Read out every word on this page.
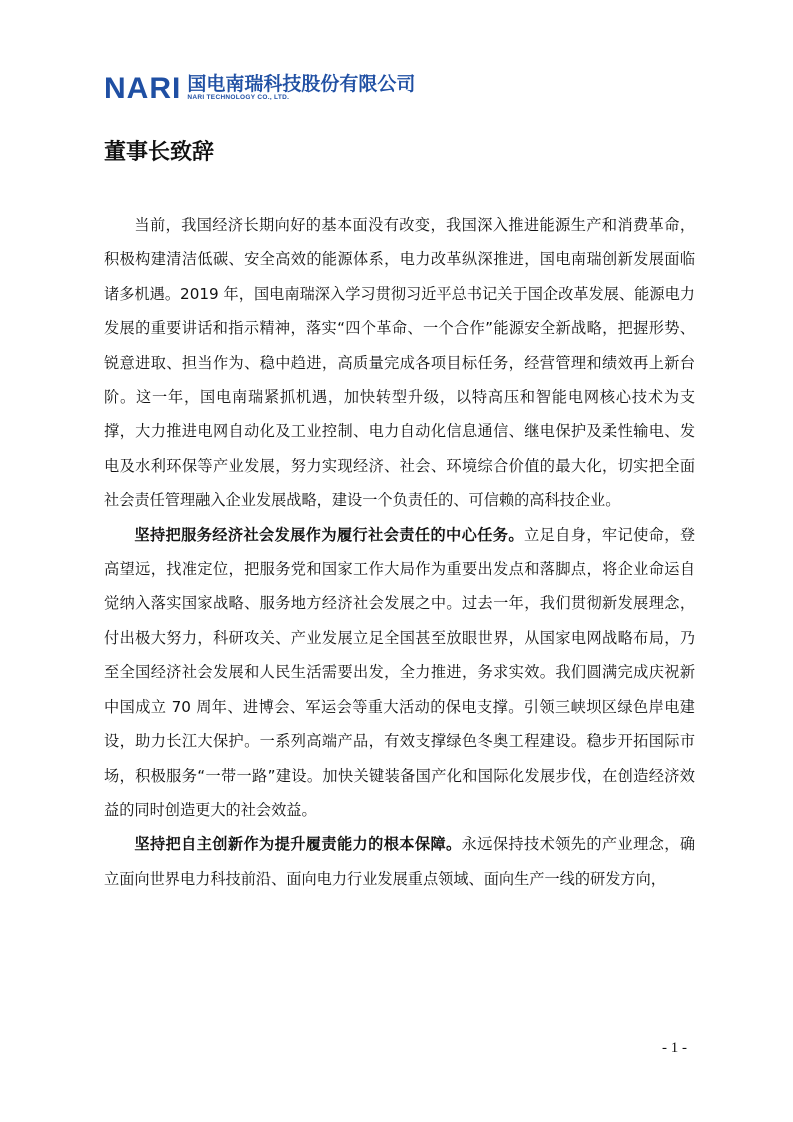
NARI 国电南瑞科技股份有限公司
NARI TECHNOLOGY CO., LTD.
董事长致辞

当前，我国经济长期向好的基本面没有改变，我国深入推进能源生产和消费革命，积极构建清洁低碳、安全高效的能源体系，电力改革纵深推进，国电南瑞创新发展面临诸多机遇。2019 年，国电南瑞深入学习贯彻习近平总书记关于国企改革发展、能源电力发展的重要讲话和指示精神，落实“四个革命、一个合作”能源安全新战略，把握形势、锐意进取、担当作为、稳中趋进，高质量完成各项目标任务，经营管理和绩效再上新台阶。这一年，国电南瑞紧抓机遇，加快转型升级，以特高压和智能电网核心技术为支撑，大力推进电网自动化及工业控制、电力自动化信息通信、继电保护及柔性输电、发电及水利环保等产业发展，努力实现经济、社会、环境综合价值的最大化，切实把全面社会责任管理融入企业发展战略，建设一个负责任的、可信赖的高科技企业。

坚持把服务经济社会发展作为履行社会责任的中心任务。立足自身，牢记使命，登高望远，找准定位，把服务党和国家工作大局作为重要出发点和落脚点，将企业命运自觉纳入落实国家战略、服务地方经济社会发展之中。过去一年，我们贯彻新发展理念，付出极大努力，科研攻关、产业发展立足全国甚至放眼世界，从国家电网战略布局，乃至全国经济社会发展和人民生活需要出发，全力推进，务求实效。我们圆满完成庆祝新中国成立 70 周年、进博会、军运会等重大活动的保电支撑。引领三峡坝区绿色岸电建设，助力长江大保护。一系列高端产品，有效支撑绿色冬奥工程建设。稳步开拓国际市场，积极服务“一带一路”建设。加快关键装备国产化和国际化发展步伐，在创造经济效益的同时创造更大的社会效益。

坚持把自主创新作为提升履责能力的根本保障。永远保持技术领先的产业理念，确立面向世界电力科技前沿、面向电力行业发展重点领域、面向生产一线的研发方向，

- 1 -
